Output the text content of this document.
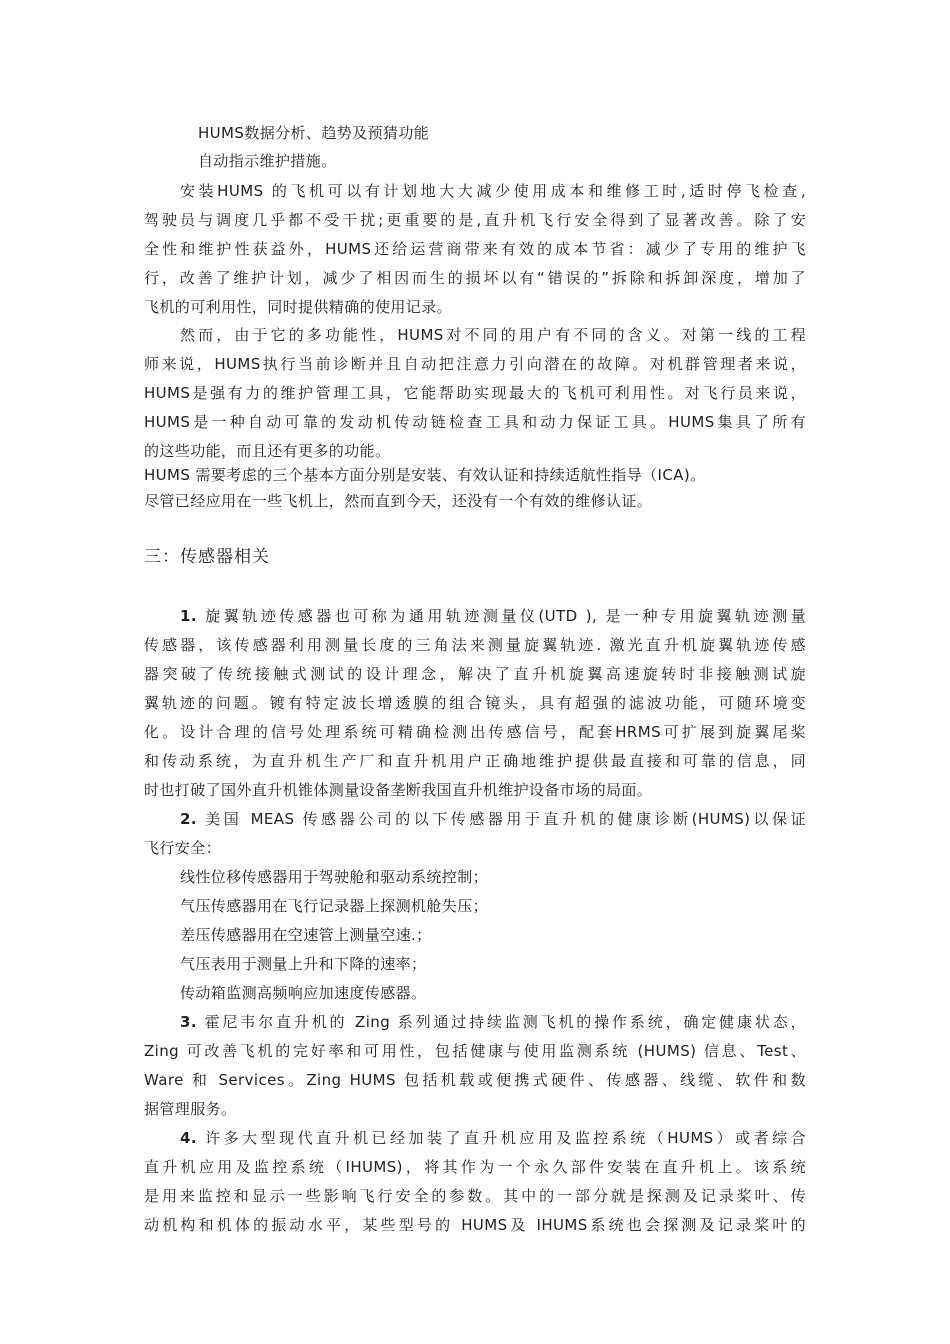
HUMS数据分析、趋势及预猜功能
自动指示维护措施。
安装HUMS 的飞机可以有计划地大大减少使用成本和维修工时,适时停飞检查,
驾驶员与调度几乎都不受干扰;更重要的是,直升机飞行安全得到了显著改善。除了安
全性和维护性获益外，HUMS还给运营商带来有效的成本节省：减少了专用的维护飞
行，改善了维护计划，减少了相因而生的损坏以有“错误的”拆除和拆卸深度，增加了
飞机的可利用性，同时提供精确的使用记录。
然而，由于它的多功能性，HUMS对不同的用户有不同的含义。对第一线的工程
师来说，HUMS执行当前诊断并且自动把注意力引向潜在的故障。对机群管理者来说，
HUMS是强有力的维护管理工具，它能帮助实现最大的飞机可利用性。对飞行员来说，
HUMS是一种自动可靠的发动机传动链检查工具和动力保证工具。HUMS集具了所有
的这些功能，而且还有更多的功能。
HUMS 需要考虑的三个基本方面分别是安装、有效认证和持续适航性指导（ICA)。
尽管已经应用在一些飞机上，然而直到今天，还没有一个有效的维修认证。
三：传感器相关
1. 旋翼轨迹传感器也可称为通用轨迹测量仪(UTD ), 是一种专用旋翼轨迹测量
传感器，该传感器利用测量长度的三角法来测量旋翼轨迹. 激光直升机旋翼轨迹传感
器突破了传统接触式测试的设计理念，解决了直升机旋翼高速旋转时非接触测试旋
翼轨迹的问题。镀有特定波长增透膜的组合镜头，具有超强的滤波功能，可随环境变
化。设计合理的信号处理系统可精确检测出传感信号，配套HRMS可扩展到旋翼尾桨
和传动系统，为直升机生产厂和直升机用户正确地维护提供最直接和可靠的信息，同
时也打破了国外直升机锥体测量设备垄断我国直升机维护设备市场的局面。
2. 美国 MEAS 传感器公司的以下传感器用于直升机的健康诊断(HUMS)以保证
飞行安全：
线性位移传感器用于驾驶舱和驱动系统控制；
气压传感器用在飞行记录器上探测机舱失压；
差压传感器用在空速管上测量空速.；
气压表用于测量上升和下降的速率；
传动箱监测高频响应加速度传感器。
3. 霍尼韦尔直升机的 Zing 系列通过持续监测飞机的操作系统，确定健康状态，
Zing 可改善飞机的完好率和可用性，包括健康与使用监测系统 (HUMS) 信息、Test、
Ware 和 Services。Zing HUMS 包括机载或便携式硬件、传感器、线缆、软件和数
据管理服务。
4. 许多大型现代直升机已经加装了直升机应用及监控系统（HUMS）或者综合
直升机应用及监控系统（IHUMS)，将其作为一个永久部件安装在直升机上。该系统
是用来监控和显示一些影响飞行安全的参数。其中的一部分就是探测及记录桨叶、传
动机构和机体的振动水平，某些型号的 HUMS及 IHUMS系统也会探测及记录桨叶的
